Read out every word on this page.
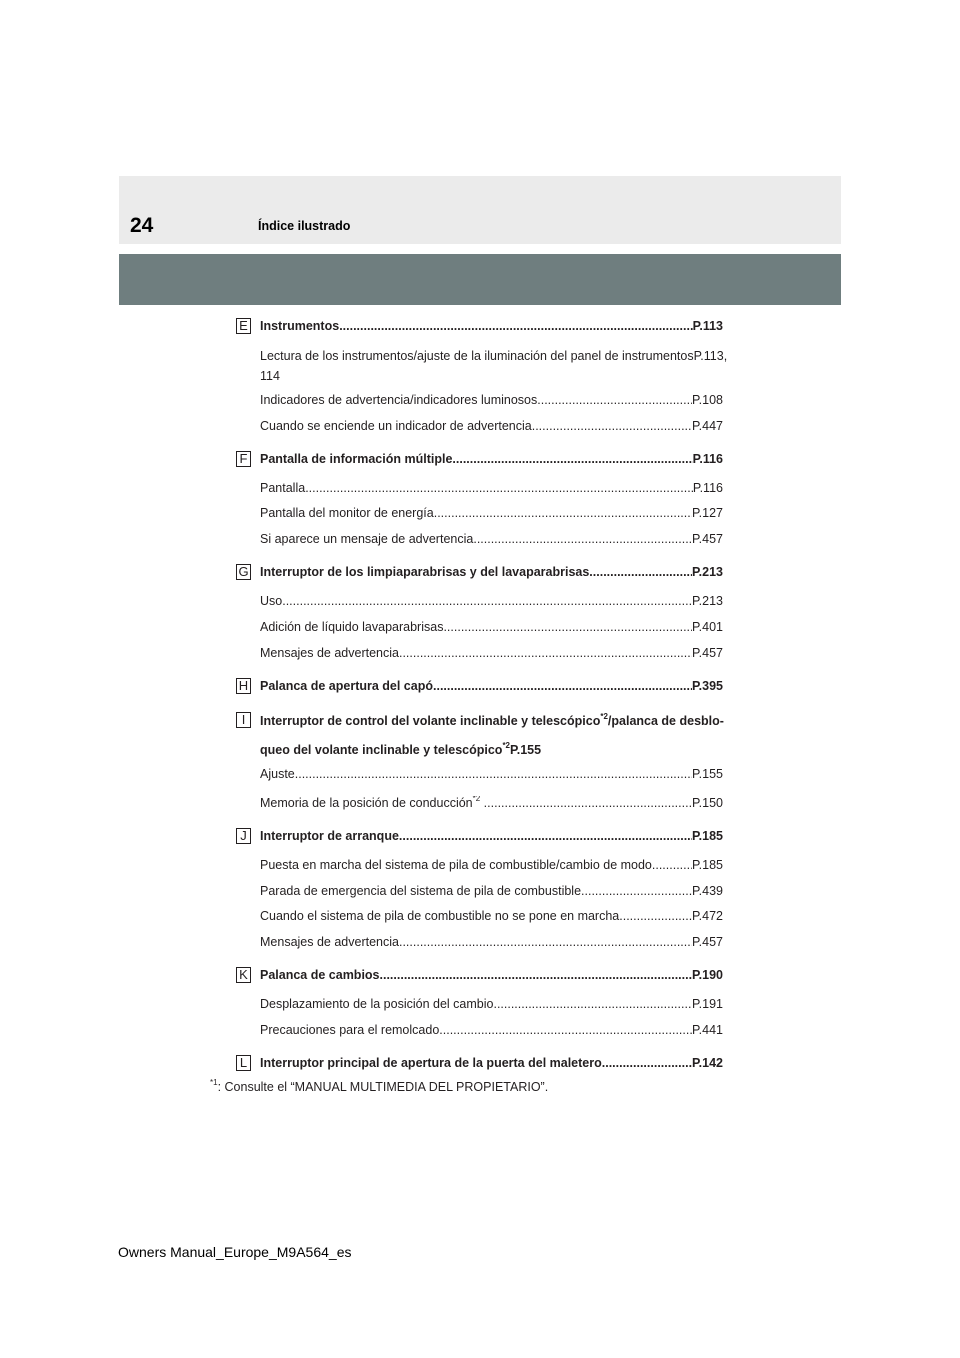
24	Índice ilustrado
E Instrumentos .....	P.113
Lectura de los instrumentos/ajuste de la iluminación del panel de instrumentosP.113,
114
Indicadores de advertencia/indicadores luminosos .....	P.108
Cuando se enciende un indicador de advertencia .....	P.447
F Pantalla de información múltiple .....	P.116
Pantalla .....	P.116
Pantalla del monitor de energía .....	P.127
Si aparece un mensaje de advertencia .....	P.457
G Interruptor de los limpiaparabrisas y del lavaparabrisas .....	P.213
Uso .....	P.213
Adición de líquido lavaparabrisas .....	P.401
Mensajes de advertencia .....	P.457
H Palanca de apertura del capó .....	P.395
I	Interruptor de control del volante inclinable y telescópico$^{*2}$/palanca de desblo-
queo del volante inclinable y telescópico$^{*2}$P.155
Ajuste .....	P.155
Memoria de la posición de conducción$^{*2}$ .....	P.150
J	Interruptor de arranque .....	P.185
Puesta en marcha del sistema de pila de combustible/cambio de modo .....	P.185
Parada de emergencia del sistema de pila de combustible .....	P.439
Cuando el sistema de pila de combustible no se pone en marcha .....	P.472
Mensajes de advertencia .....	P.457
K Palanca de cambios .....	P.190
Desplazamiento de la posición del cambio .....	P.191
Precauciones para el remolcado .....	P.441
L	Interruptor principal de apertura de la puerta del maletero .....	P.142
$^{*1}$: Consulte el “MANUAL MULTIMEDIA DEL PROPIETARIO”.
Owners Manual_Europe_M9A564_es
